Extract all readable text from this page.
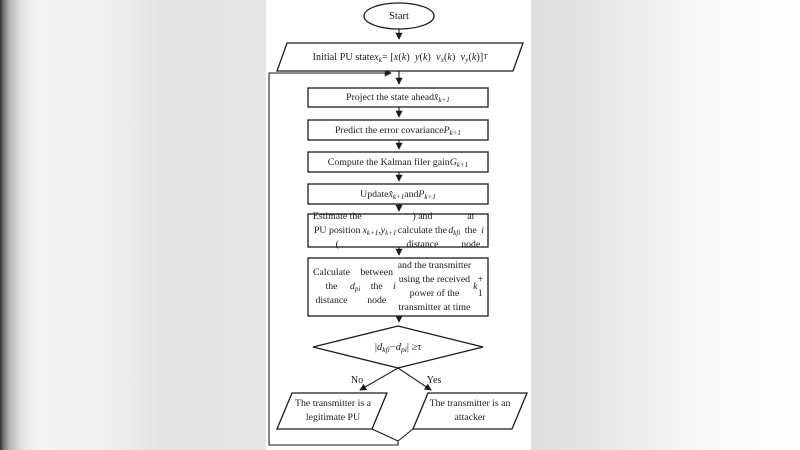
Start
Initial PU state $x_k$ = [ x ( k ) y ( k ) $v_x$ ( k ) $v_y$ ( k )] T
Project the state ahead $x̂_{k+1}$
Predict the error covariance $P_{k+1}$
Compute the Kalman filer gain $G_{k+1}$
Update $x̂_{k+1}$ and $P_{k+1}$
Estimate the PU position (
$x_{k+1}$ , $y_{k+1}$
) and calculate the distance
$d_{kfi}$
at the node
i
Calculate the distance
$d_{pi}$
between the node
i
and the transmitter using the received power of the transmitter at time
k
+ 1
| $d_{kfi} - d_{pi}$ | ≥ τ
No	Yes
The transmitter is a legitimate PU
The transmitter is an attacker
